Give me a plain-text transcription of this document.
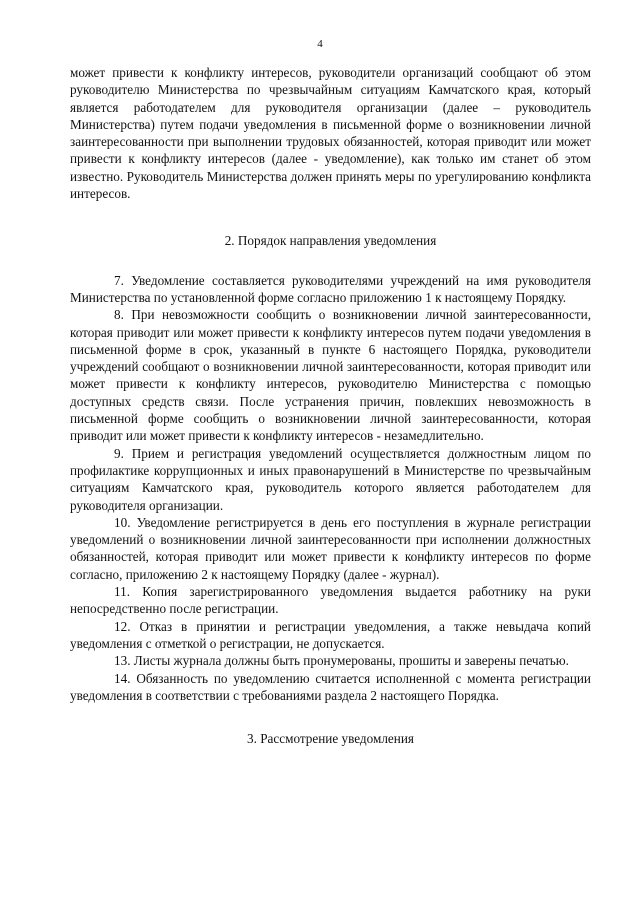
4

может привести к конфликту интересов, руководители организаций сообщают об этом руководителю Министерства по чрезвычайным ситуациям Камчатского края, который является работодателем для руководителя организации (далее – руководитель Министерства) путем подачи уведомления в письменной форме о возникновении личной заинтересованности при выполнении трудовых обязанностей, которая приводит или может привести к конфликту интересов (далее - уведомление), как только им станет об этом известно. Руководитель Министерства должен принять меры по урегулированию конфликта интересов.

2. Порядок направления уведомления

7. Уведомление составляется руководителями учреждений на имя руководителя Министерства по установленной форме согласно приложению 1 к настоящему Порядку.

8. При невозможности сообщить о возникновении личной заинтересованности, которая приводит или может привести к конфликту интересов путем подачи уведомления в письменной форме в срок, указанный в пункте 6 настоящего Порядка, руководители учреждений сообщают о возникновении личной заинтересованности, которая приводит или может привести к конфликту интересов, руководителю Министерства с помощью доступных средств связи. После устранения причин, повлекших невозможность в письменной форме сообщить о возникновении личной заинтересованности, которая приводит или может привести к конфликту интересов - незамедлительно.

9. Прием и регистрация уведомлений осуществляется должностным лицом по профилактике коррупционных и иных правонарушений в Министерстве по чрезвычайным ситуациям Камчатского края, руководитель которого является работодателем для руководителя организации.

10. Уведомление регистрируется в день его поступления в журнале регистрации уведомлений о возникновении личной заинтересованности при исполнении должностных обязанностей, которая приводит или может привести к конфликту интересов по форме согласно, приложению 2 к настоящему Порядку (далее - журнал).

11. Копия зарегистрированного уведомления выдается работнику на руки непосредственно после регистрации.

12. Отказ в принятии и регистрации уведомления, а также невыдача копий уведомления с отметкой о регистрации, не допускается.

13. Листы журнала должны быть пронумерованы, прошиты и заверены печатью.

14. Обязанность по уведомлению считается исполненной с момента регистрации уведомления в соответствии с требованиями раздела 2 настоящего Порядка.

3. Рассмотрение уведомления
